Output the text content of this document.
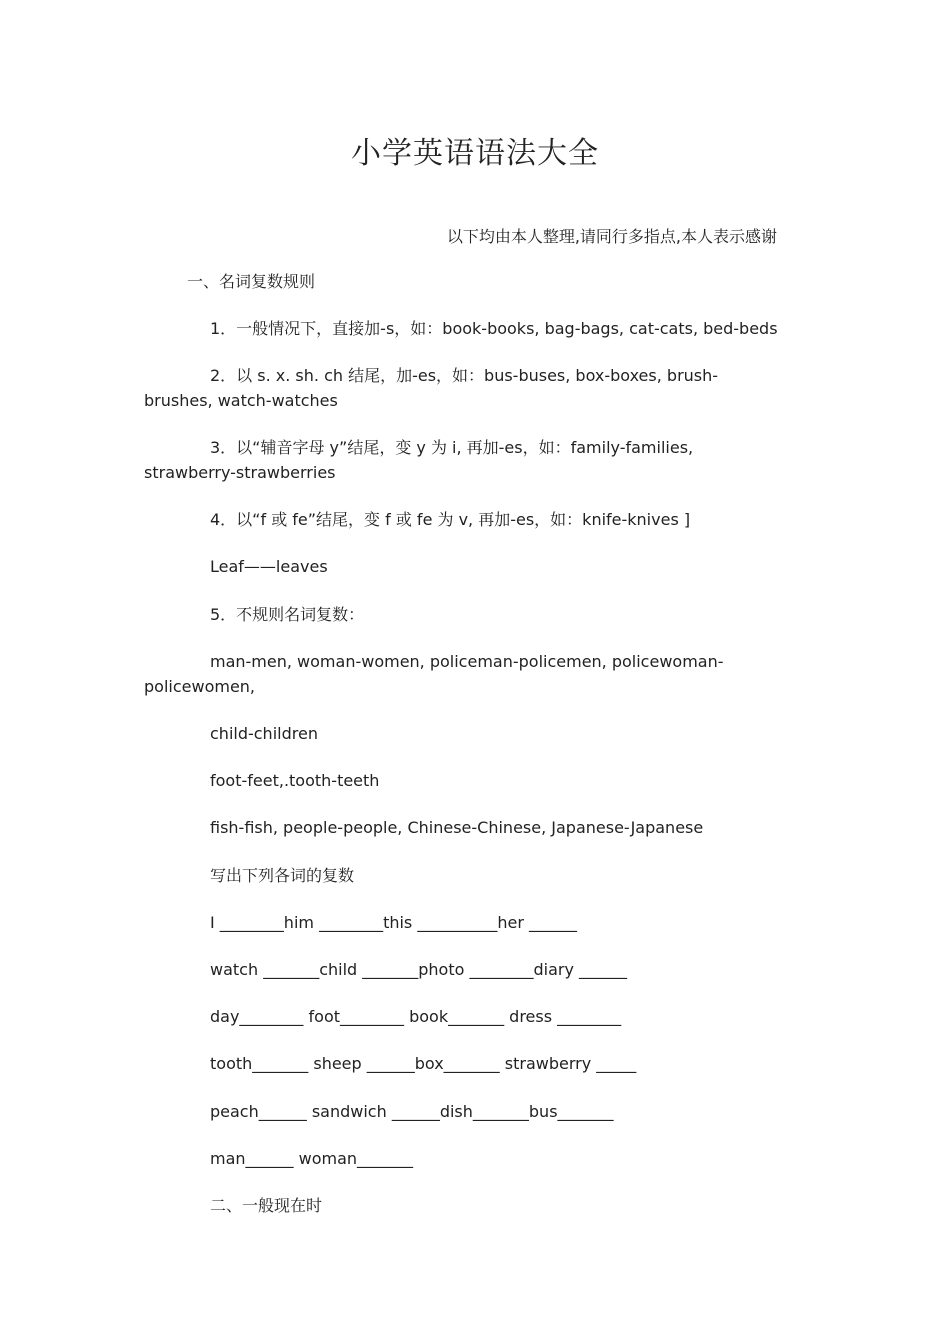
小学英语语法大全
以下均由本人整理,请同行多指点,本人表示感谢
一、名词复数规则
1．一般情况下，直接加-s，如：book-books, bag-bags, cat-cats, bed-beds
2．以 s. x. sh. ch 结尾，加-es，如：bus-buses, box-boxes, brush-brushes, watch-watches
3．以“辅音字母 y”结尾，变 y 为 i, 再加-es，如：family-families, strawberry-strawberries
4．以“f 或 fe”结尾，变 f 或 fe 为 v, 再加-es，如：knife-knives ]
Leaf——leaves
5．不规则名词复数：
man-men, woman-women, policeman-policemen, policewoman-policewomen,
child-children
foot-feet,.tooth-teeth
fish-fish, people-people, Chinese-Chinese, Japanese-Japanese
写出下列各词的复数
I ________him ________this __________her ______
watch _______child _______photo ________diary ______
day________ foot________ book_______ dress ________
tooth_______ sheep ______box_______ strawberry _____
peach______ sandwich ______dish_______bus_______
man______ woman_______
二、一般现在时
